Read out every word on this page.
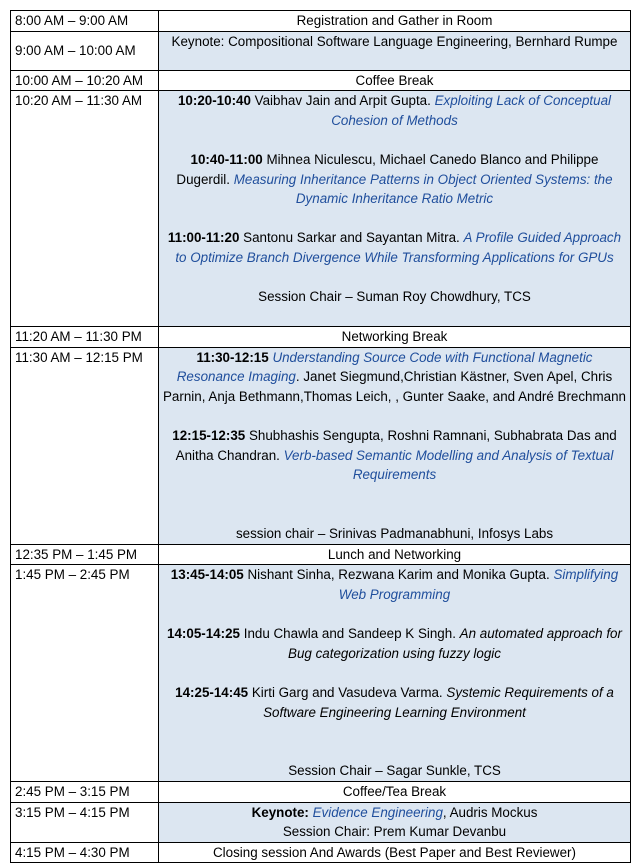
8:00 AM – 9:00 AM	Registration and Gather in Room
9:00 AM – 10:00 AM	Keynote: Compositional Software Language Engineering, Bernhard Rumpe
10:00 AM – 10:20 AM	Coffee Break
10:20 AM – 11:30 AM	10:20-10:40 Vaibhav Jain and Arpit Gupta. Exploiting Lack of Conceptual Cohesion of Methods

10:40-11:00 Mihnea Niculescu, Michael Canedo Blanco and Philippe Dugerdil. Measuring Inheritance Patterns in Object Oriented Systems: the Dynamic Inheritance Ratio Metric

11:00-11:20 Santonu Sarkar and Sayantan Mitra. A Profile Guided Approach to Optimize Branch Divergence While Transforming Applications for GPUs

Session Chair – Suman Roy Chowdhury, TCS

11:20 AM – 11:30 PM	Networking Break
11:30 AM – 12:15 PM	11:30-12:15 Understanding Source Code with Functional Magnetic Resonance Imaging. Janet Siegmund,Christian Kästner, Sven Apel, Chris Parnin, Anja Bethmann,Thomas Leich, , Gunter Saake, and André Brechmann

12:15-12:35 Shubhashis Sengupta, Roshni Ramnani, Subhabrata Das and Anitha Chandran. Verb-based Semantic Modelling and Analysis of Textual Requirements

session chair – Srinivas Padmanabhuni, Infosys Labs

12:35 PM – 1:45 PM	Lunch and Networking
1:45 PM – 2:45 PM	13:45-14:05 Nishant Sinha, Rezwana Karim and Monika Gupta. Simplifying Web Programming

14:05-14:25 Indu Chawla and Sandeep K Singh. An automated approach for Bug categorization using fuzzy logic

14:25-14:45 Kirti Garg and Vasudeva Varma. Systemic Requirements of a Software Engineering Learning Environment

Session Chair – Sagar Sunkle, TCS

2:45 PM – 3:15 PM	Coffee/Tea Break
3:15 PM – 4:15 PM	Keynote: Evidence Engineering, Audris Mockus

Session Chair: Prem Kumar Devanbu

4:15 PM – 4:30 PM	Closing session And Awards (Best Paper and Best Reviewer)
